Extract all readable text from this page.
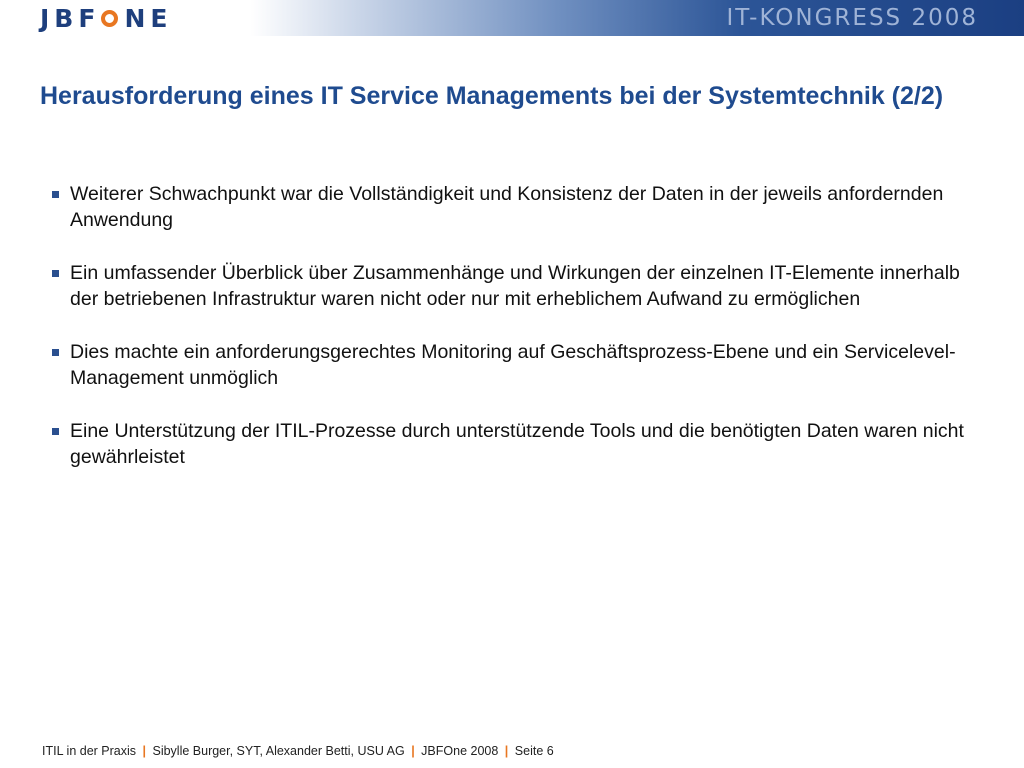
JBF NE	IT-KONGRESS 2008
Herausforderung eines IT Service Managements bei der Systemtechnik (2/2)
Weiterer Schwachpunkt war die Vollständigkeit und Konsistenz der Daten in der jeweils anfordernden Anwendung
Ein umfassender Überblick über Zusammenhänge und Wirkungen der einzelnen IT-Elemente innerhalb der betriebenen Infrastruktur waren nicht oder nur mit erheblichem Aufwand zu ermöglichen
Dies machte ein anforderungsgerechtes Monitoring auf Geschäftsprozess-Ebene und ein Servicelevel-Management unmöglich
Eine Unterstützung der ITIL-Prozesse durch unterstützende Tools und die benötigten Daten waren nicht gewährleistet
ITIL in der Praxis | Sibylle Burger, SYT, Alexander Betti, USU AG | JBFOne 2008 | Seite 6
